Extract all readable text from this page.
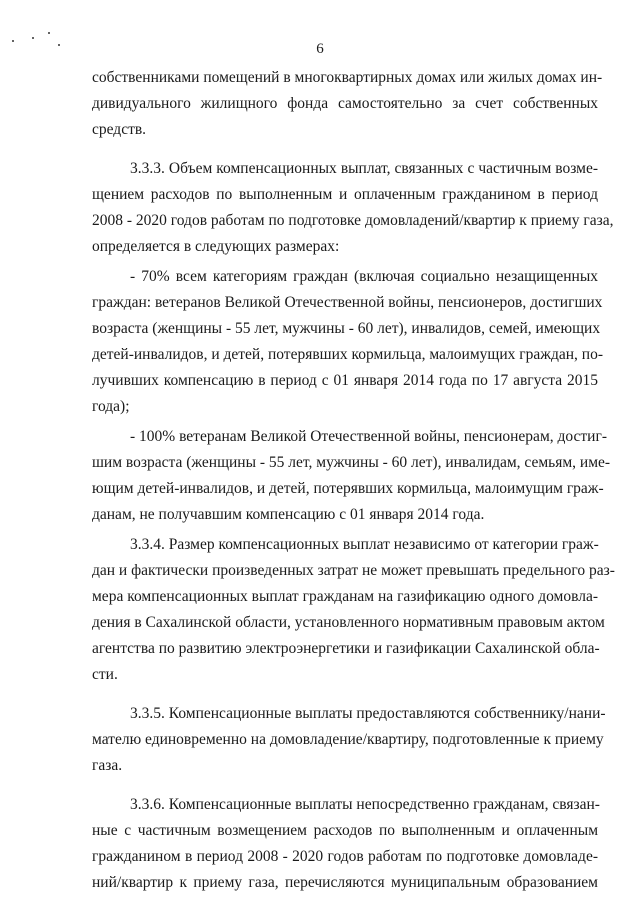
6
собственниками помещений в многоквартирных домах или жилых домах ин-
дивидуального жилищного фонда самостоятельно за счет собственных
средств.
3.3.3. Объем компенсационных выплат, связанных с частичным возме-
щением расходов по выполненным и оплаченным гражданином в период
2008 - 2020 годов работам по подготовке домовладений/квартир к приему газа,
определяется в следующих размерах:
- 70% всем категориям граждан (включая социально незащищенных
граждан: ветеранов Великой Отечественной войны, пенсионеров, достигших
возраста (женщины - 55 лет, мужчины - 60 лет), инвалидов, семей, имеющих
детей-инвалидов, и детей, потерявших кормильца, малоимущих граждан, по-
лучивших компенсацию в период с 01 января 2014 года по 17 августа 2015
года);
- 100% ветеранам Великой Отечественной войны, пенсионерам, достиг-
шим возраста (женщины - 55 лет, мужчины - 60 лет), инвалидам, семьям, име-
ющим детей-инвалидов, и детей, потерявших кормильца, малоимущим граж-
данам, не получавшим компенсацию с 01 января 2014 года.
3.3.4. Размер компенсационных выплат независимо от категории граж-
дан и фактически произведенных затрат не может превышать предельного раз-
мера компенсационных выплат гражданам на газификацию одного домовла-
дения в Сахалинской области, установленного нормативным правовым актом
агентства по развитию электроэнергетики и газификации Сахалинской обла-
сти.
3.3.5. Компенсационные выплаты предоставляются собственнику/нани-
мателю единовременно на домовладение/квартиру, подготовленные к приему
газа.
3.3.6. Компенсационные выплаты непосредственно гражданам, связан-
ные с частичным возмещением расходов по выполненным и оплаченным
гражданином в период 2008 - 2020 годов работам по подготовке домовладе-
ний/квартир к приему газа, перечисляются муниципальным образованием
